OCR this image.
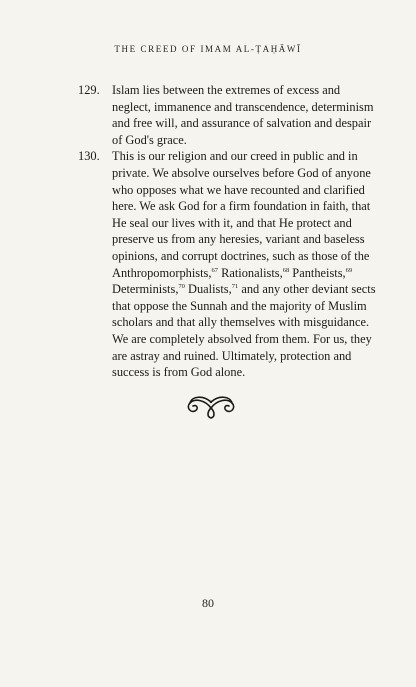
THE CREED OF IMAM AL-ṬAḤĀWĪ
129. Islam lies between the extremes of excess and neglect, immanence and transcendence, determinism and free will, and assurance of salvation and despair of God's grace.
130. This is our religion and our creed in public and in private. We absolve ourselves before God of anyone who opposes what we have recounted and clarified here. We ask God for a firm foundation in faith, that He seal our lives with it, and that He protect and preserve us from any heresies, variant and baseless opinions, and corrupt doctrines, such as those of the Anthropomorphists,$^{67}$ Rationalists,$^{68}$ Pantheists,$^{69}$ Determinists,$^{70}$ Dualists,$^{71}$ and any other deviant sects that oppose the Sunnah and the majority of Muslim scholars and that ally themselves with misguidance. We are completely absolved from them. For us, they are astray and ruined. Ultimately, protection and success is from God alone.
80
